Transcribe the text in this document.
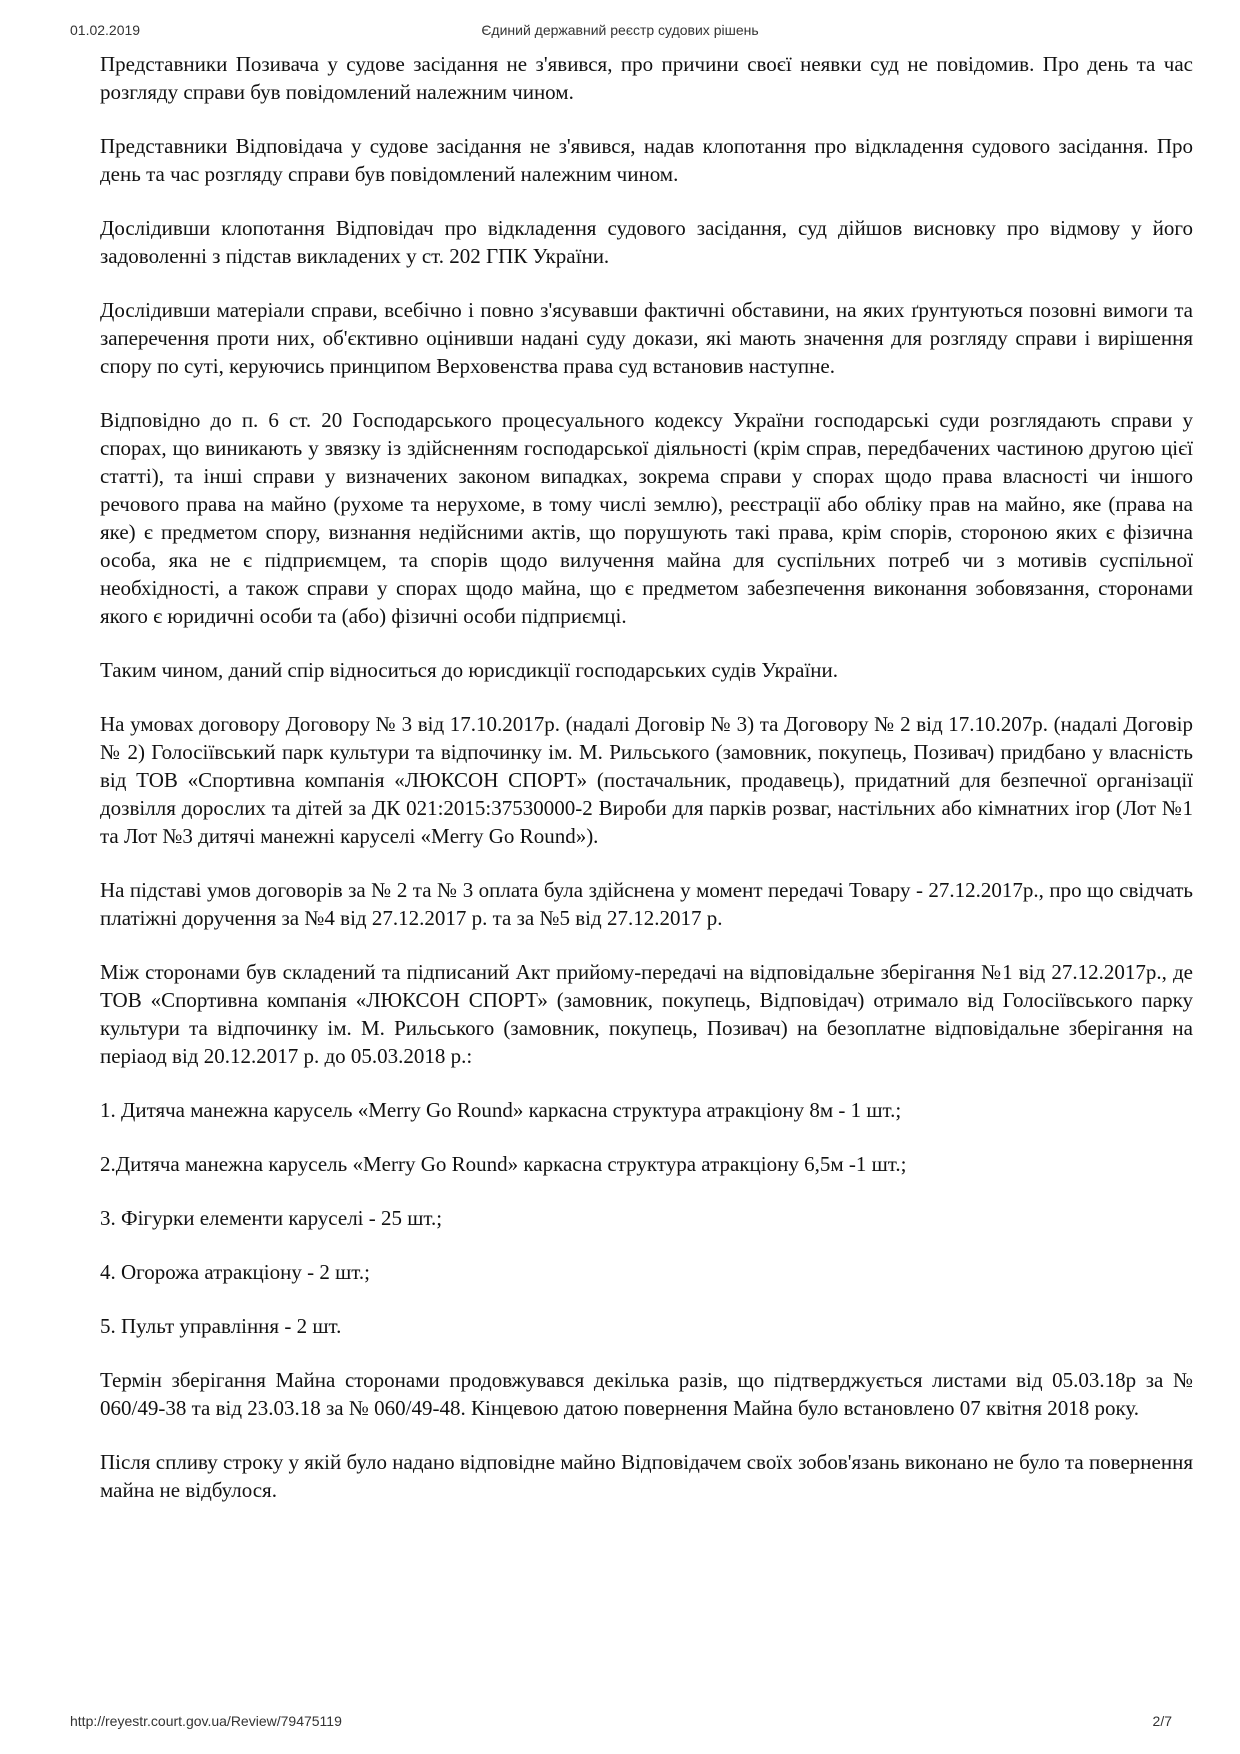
01.02.2019	Єдиний державний реєстр судових рішень

Представники Позивача у судове засідання не з'явився, про причини своєї неявки суд не повідомив. Про день та час розгляду справи був повідомлений належним чином.

Представники Відповідача у судове засідання не з'явився, надав клопотання про відкладення судового засідання. Про день та час розгляду справи був повідомлений належним чином.

Дослідивши клопотання Відповідач про відкладення судового засідання, суд дійшов висновку про відмову у його задоволенні з підстав викладених у ст. 202 ГПК України.

Дослідивши матеріали справи, всебічно і повно з'ясувавши фактичні обставини, на яких ґрунтуються позовні вимоги та заперечення проти них, об'єктивно оцінивши надані суду докази, які мають значення для розгляду справи і вирішення спору по суті, керуючись принципом Верховенства права суд встановив наступне.

Відповідно до п. 6 ст. 20 Господарського процесуального кодексу України господарські суди розглядають справи у спорах, що виникають у звязку із здійсненням господарської діяльності (крім справ, передбачених частиною другою цієї статті), та інші справи у визначених законом випадках, зокрема справи у спорах щодо права власності чи іншого речового права на майно (рухоме та нерухоме, в тому числі землю), реєстрації або обліку прав на майно, яке (права на яке) є предметом спору, визнання недійсними актів, що порушують такі права, крім спорів, стороною яких є фізична особа, яка не є підприємцем, та спорів щодо вилучення майна для суспільних потреб чи з мотивів суспільної необхідності, а також справи у спорах щодо майна, що є предметом забезпечення виконання зобовязання, сторонами якого є юридичні особи та (або) фізичні особи підприємці.

Таким чином, даний спір відноситься до юрисдикції господарських судів України.

На умовах договору Договору № 3 від 17.10.2017р. (надалі Договір № 3) та Договору № 2 від 17.10.207р. (надалі Договір № 2) Голосіївський парк культури та відпочинку ім. М. Рильського (замовник, покупець, Позивач) придбано у власність від ТОВ «Спортивна компанія «ЛЮКСОН СПОРТ» (постачальник, продавець), придатний для безпечної організації дозвілля дорослих та дітей за ДК 021:2015:37530000-2 Вироби для парків розваг, настільних або кімнатних ігор (Лот №1 та Лот №3 дитячі манежні каруселі «Merry Go Round»).

На підставі умов договорів за № 2 та № 3 оплата була здійснена у момент передачі Товару - 27.12.2017р., про що свідчать платіжні доручення за №4 від 27.12.2017 р. та за №5 від 27.12.2017 р.

Між сторонами був складений та підписаний Акт прийому-передачі на відповідальне зберігання №1 від 27.12.2017р., де ТОВ «Спортивна компанія «ЛЮКСОН СПОРТ» (замовник, покупець, Відповідач) отримало від Голосіївського парку культури та відпочинку ім. М. Рильського (замовник, покупець, Позивач) на безоплатне відповідальне зберігання на періаод від 20.12.2017 р. до 05.03.2018 р.:

1. Дитяча манежна карусель «Merry Go Round» каркасна структура атракціону 8м - 1 шт.;

2.Дитяча манежна карусель «Merry Go Round» каркасна структура атракціону 6,5м -1 шт.;

3. Фігурки елементи каруселі - 25 шт.;

4. Огорожа атракціону - 2 шт.;

5. Пульт управління - 2 шт.

Термін зберігання Майна сторонами продовжувався декілька разів, що підтверджується листами від 05.03.18р за № 060/49-38 та від 23.03.18 за № 060/49-48. Кінцевою датою повернення Майна було встановлено 07 квітня 2018 року.

Після спливу строку у якій було надано відповідне майно Відповідачем своїх зобов'язань виконано не було та повернення майна не відбулося.

http://reyestr.court.gov.ua/Review/79475119	2/7
